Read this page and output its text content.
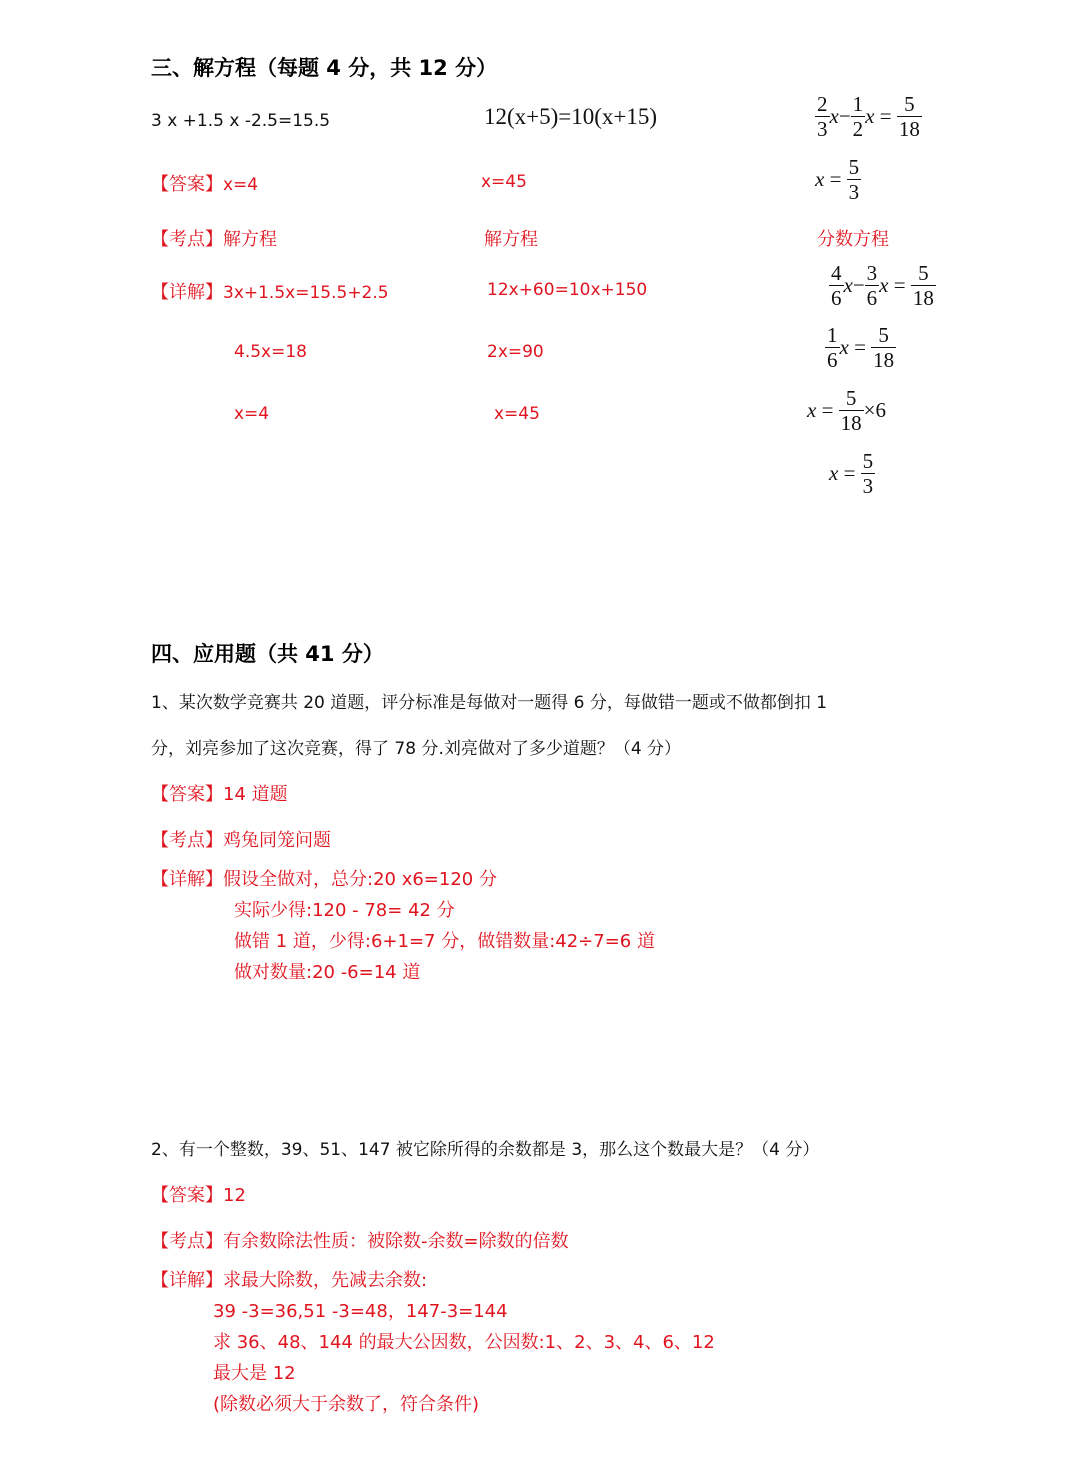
三、解方程（每题 4 分，共 12 分）
3 x +1.5 x -2.5=15.5
【答案】x=4
【考点】解方程
【详解】3x+1.5x=15.5+2.5
4.5x=18
x=4
12(x+5)=10(x+15)
x=45
解方程
12x+60=10x+150
2x=90
x=45
$\frac{2}{3} x- \frac{1}{2}$ $x = \frac{5}{18}$
$x = \frac{5}{3}$
分数方程
$\frac{4}{6} x- \frac{3}{6}$ $x = \frac{5}{18}$
$\frac{1}{6}$ $x = \frac{5}{18}$
$x = \frac{5}{18} \times 6$
$x = \frac{5}{3}$
四、应用题（共 41 分）
1、某次数学竞赛共 20 道题，评分标准是每做对一题得 6 分，每做错一题或不做都倒扣 1
分，刘亮参加了这次竞赛，得了 78 分.刘亮做对了多少道题？（4 分）
【答案】14 道题
【考点】鸡兔同笼问题
【详解】假设全做对，总分:20 x6=120 分
实际少得:120 - 78= 42 分
做错 1 道，少得:6+1=7 分，做错数量:42÷7=6 道
做对数量:20 -6=14 道
2、有一个整数，39、51、147 被它除所得的余数都是 3，那么这个数最大是？（4 分）
【答案】12
【考点】有余数除法性质：被除数-余数=除数的倍数
【详解】求最大除数，先减去余数:
39 -3=36,51 -3=48，147-3=144
求 36、48、144 的最大公因数，公因数:1、2、3、4、6、12
最大是 12
(除数必须大于余数了，符合条件)
